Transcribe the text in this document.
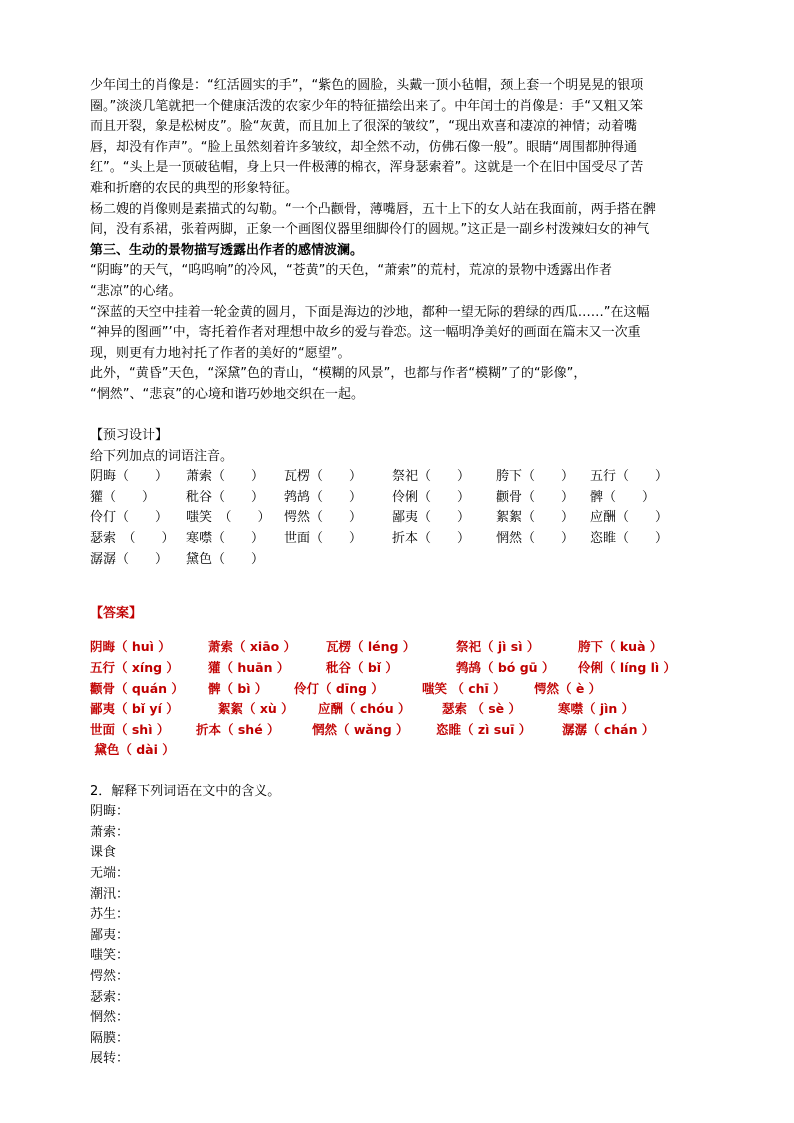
少年闰土的肖像是：“红活圆实的手”，“紫色的圆脸，头戴一顶小毡帽，颈上套一个明晃晃的银项

圈。”淡淡几笔就把一个健康活泼的农家少年的特征描绘出来了。中年闰士的肖像是：手“又粗又笨

而且开裂，象是松树皮”。脸“灰黄，而且加上了很深的皱纹”，“现出欢喜和凄凉的神情；动着嘴

唇，却没有作声”。“脸上虽然刻着许多皱纹，却全然不动，仿佛石像一般”。眼睛“周围都肿得通

红”。“头上是一顶破毡帽，身上只一件极薄的棉衣，浑身瑟索着”。这就是一个在旧中国受尽了苦

难和折磨的农民的典型的形象特征。

杨二嫂的肖像则是素描式的勾勒。“一个凸颧骨，薄嘴唇，五十上下的女人站在我面前，两手搭在髀

间，没有系裙，张着两脚，正象一个画图仪器里细脚伶仃的圆规。”这正是一副乡村泼辣妇女的神气

第三、生动的景物描写透露出作者的感情波澜。

“阴晦”的天气，“呜呜响”的冷风，“苍黄”的天色，“萧索”的荒村，荒凉的景物中透露出作者

“悲凉”的心绪。

“深蓝的天空中挂着一轮金黄的圆月，下面是海边的沙地，都种一望无际的碧绿的西瓜……”在这幅

“神异的图画”’中，寄托着作者对理想中故乡的爱与眷恋。这一幅明净美好的画面在篇末又一次重

现，则更有力地衬托了作者的美好的“愿望”。

此外，“黄昏”天色，“深黛”色的青山，“模糊的风景”，也都与作者“模糊”了的“影像”，

“惘然”、“悲哀”的心境和谐巧妙地交织在一起。

【预习设计】

给下列加点的词语注音。

阴晦（　　）	萧索（　　）	瓦楞（　　）	祭祀（　　）	胯下（　　）	五行（　　）
獾（　　）	秕谷（　　）	鹁鸪（　　）	伶俐（　　）	颧骨（　　）	髀（　　）
伶仃（　　）	嗤笑　（　　）	愕然（　　）	鄙夷（　　）	絮絮（　　）	应酬（　　）
瑟索　（　　） 寒噤（　　）	世面（　　）	折本（　　）	惘然（　　）	恣睢（　　）
潺潺（　　）	黛色（　　）

【答案】

阴晦（ huì ）	萧索（ xiāo ）	瓦楞（ léng ）	祭祀（ jì sì ）	胯下（ kuà ）
五行（ xíng ）	獾（ huān ）	秕谷（ bǐ ）	鹁鸪（ bó gū ）	伶俐（ líng lì ）
颧骨（ quán ）	髀（ bì ）	伶仃（ dīng ）	嗤笑 （ chī ）	愕然（ è ）
鄙夷（ bǐ yí ）	絮絮（ xù ）	应酬（ chóu ）	瑟索 （ sè ）	寒噤（ jìn ）
世面（ shì ）	折本（ shé ）	惘然（ wǎng ）	恣睢（ zì suī ）	潺潺（ chán ）
黛色（ dài ）

2．解释下列词语在文中的含义。

阴晦：

萧索：

课食

无端：

潮汛：

苏生：

鄙夷：

嗤笑：

愕然：

瑟索：

惘然：

隔膜：

展转：
